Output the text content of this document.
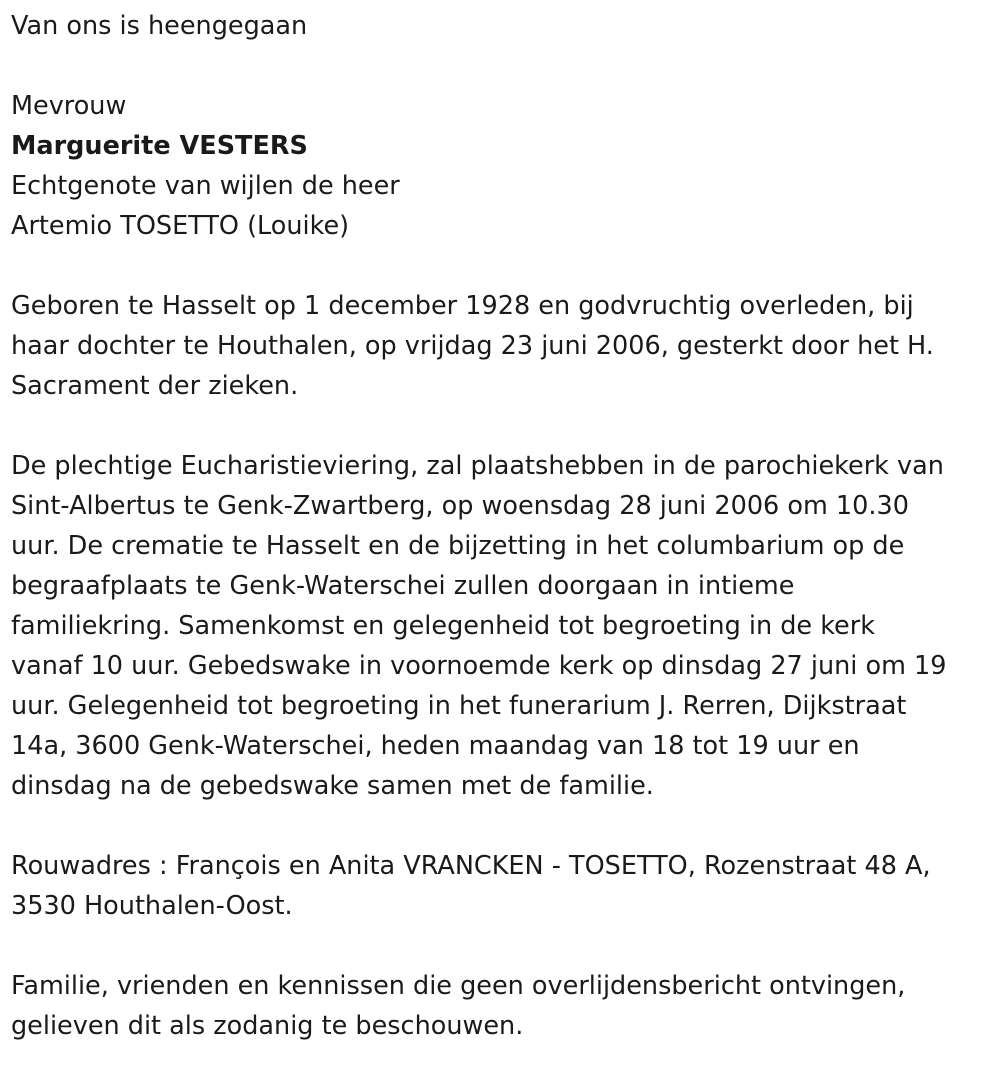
Van ons is heengegaan

Mevrouw

Marguerite VESTERS

Echtgenote van wijlen de heer

Artemio TOSETTO (Louike)

Geboren te Hasselt op 1 december 1928 en godvruchtig overleden, bij

haar dochter te Houthalen, op vrijdag 23 juni 2006, gesterkt door het H.

Sacrament der zieken.

De plechtige Eucharistieviering, zal plaatshebben in de parochiekerk van

Sint-Albertus te Genk-Zwartberg, op woensdag 28 juni 2006 om 10.30

uur. De crematie te Hasselt en de bijzetting in het columbarium op de

begraafplaats te Genk-Waterschei zullen doorgaan in intieme

familiekring. Samenkomst en gelegenheid tot begroeting in de kerk

vanaf 10 uur. Gebedswake in voornoemde kerk op dinsdag 27 juni om 19

uur. Gelegenheid tot begroeting in het funerarium J. Rerren, Dijkstraat

14a, 3600 Genk-Waterschei, heden maandag van 18 tot 19 uur en

dinsdag na de gebedswake samen met de familie.

Rouwadres : François en Anita VRANCKEN - TOSETTO, Rozenstraat 48 A,

3530 Houthalen-Oost.

Familie, vrienden en kennissen die geen overlijdensbericht ontvingen,

gelieven dit als zodanig te beschouwen.
